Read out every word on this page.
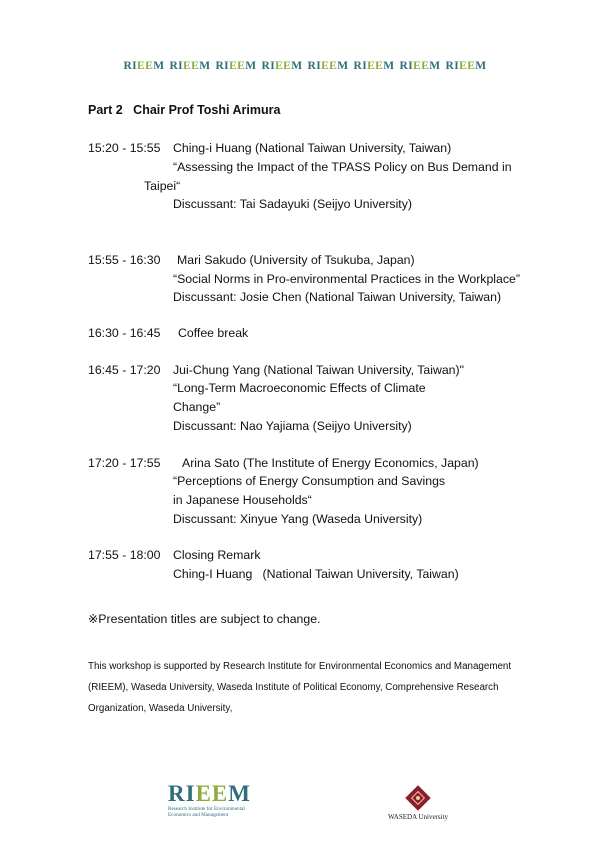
RIEEM RIEEM RIEEM RIEEM RIEEM RIEEM RIEEM RIEEM
Part 2 Chair Prof Toshi Arimura
15:20 - 15:55 Ching-i Huang (National Taiwan University, Taiwan)
“Assessing the Impact of the TPASS Policy on Bus Demand in
Taipei“
Discussant: Tai Sadayuki (Seijyo University)
15:55 - 16:30 Mari Sakudo (University of Tsukuba, Japan)
“Social Norms in Pro-environmental Practices in the Workplace”
Discussant: Josie Chen (National Taiwan University, Taiwan)
16:30 - 16:45 Coffee break
16:45 - 17:20 Jui-Chung Yang (National Taiwan University, Taiwan)"
“Long-Term Macroeconomic Effects of Climate
Change”
Discussant: Nao Yajiama (Seijyo University)
17:20 - 17:55 Arina Sato (The Institute of Energy Economics, Japan)
“Perceptions of Energy Consumption and Savings
in Japanese Households“
Discussant: Xinyue Yang (Waseda University)
17:55 - 18:00 Closing Remark
Ching-I Huang   (National Taiwan University, Taiwan)
※Presentation titles are subject to change.
This workshop is supported by Research Institute for Environmental Economics and Management (RIEEM), Waseda University, Waseda Institute of Political Economy, Comprehensive Research Organization, Waseda University,
RIEEM
Research Institute for Environmental
Economics and Management	WASEDA University
